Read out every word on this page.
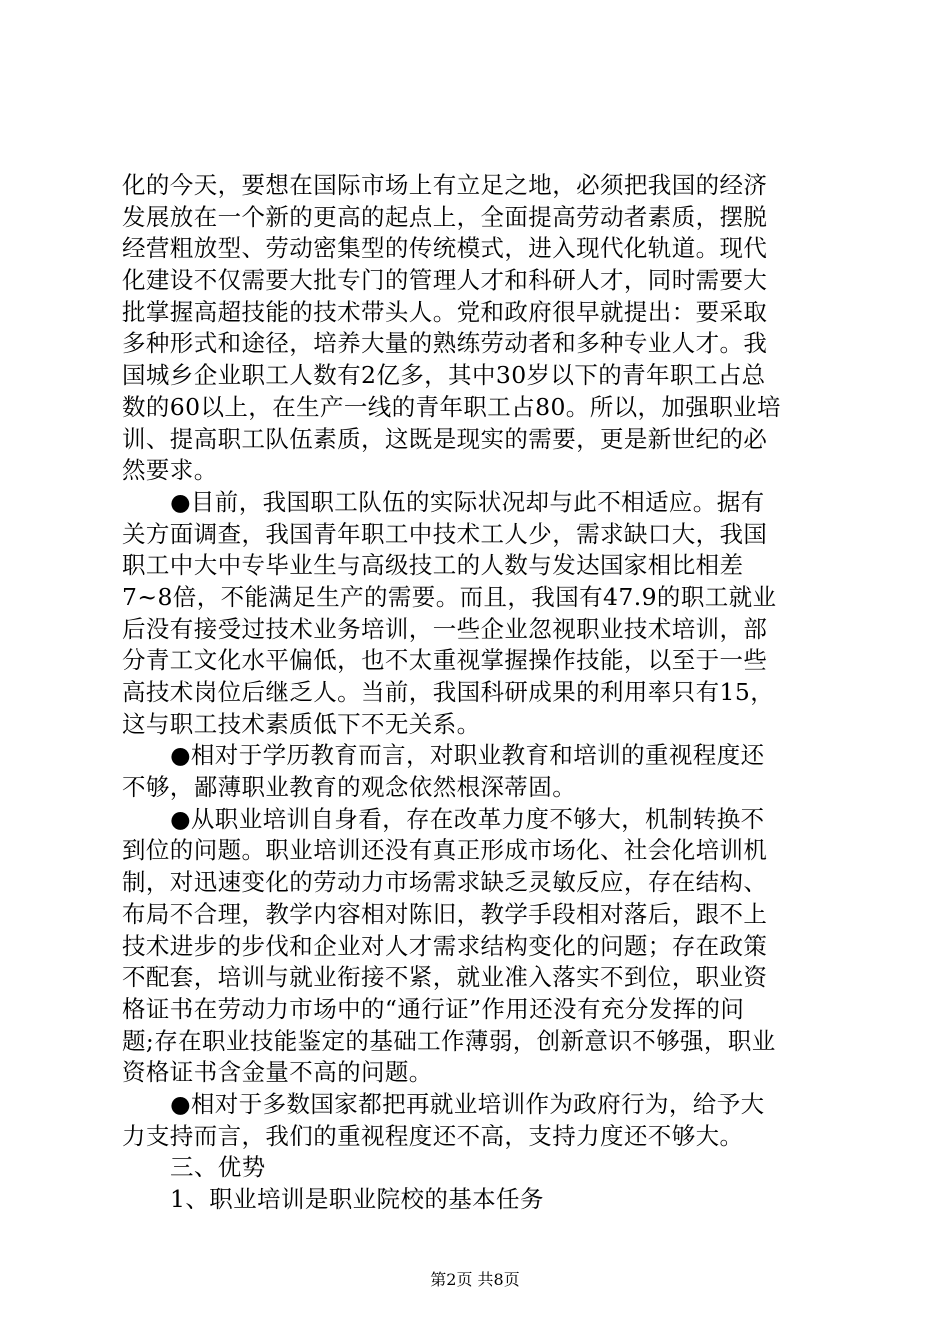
化的今天，要想在国际市场上有立足之地，必须把我国的经济
发展放在一个新的更高的起点上，全面提高劳动者素质，摆脱
经营粗放型、劳动密集型的传统模式，进入现代化轨道。现代
化建设不仅需要大批专门的管理人才和科研人才，同时需要大
批掌握高超技能的技术带头人。党和政府很早就提出：要采取
多种形式和途径，培养大量的熟练劳动者和多种专业人才。我
国城乡企业职工人数有2亿多，其中30岁以下的青年职工占总
数的60以上，在生产一线的青年职工占80。所以，加强职业培
训、提高职工队伍素质，这既是现实的需要，更是新世纪的必
然要求。
●目前，我国职工队伍的实际状况却与此不相适应。据有
关方面调查，我国青年职工中技术工人少，需求缺口大，我国
职工中大中专毕业生与高级技工的人数与发达国家相比相差
7~8倍，不能满足生产的需要。而且，我国有47.9的职工就业
后没有接受过技术业务培训，一些企业忽视职业技术培训，部
分青工文化水平偏低，也不太重视掌握操作技能，以至于一些
高技术岗位后继乏人。当前，我国科研成果的利用率只有15，
这与职工技术素质低下不无关系。
●相对于学历教育而言，对职业教育和培训的重视程度还
不够，鄙薄职业教育的观念依然根深蒂固。
●从职业培训自身看，存在改革力度不够大，机制转换不
到位的问题。职业培训还没有真正形成市场化、社会化培训机
制，对迅速变化的劳动力市场需求缺乏灵敏反应，存在结构、
布局不合理，教学内容相对陈旧，教学手段相对落后，跟不上
技术进步的步伐和企业对人才需求结构变化的问题；存在政策
不配套，培训与就业衔接不紧，就业准入落实不到位，职业资
格证书在劳动力市场中的“通行证”作用还没有充分发挥的问
题;存在职业技能鉴定的基础工作薄弱，创新意识不够强，职业
资格证书含金量不高的问题。
●相对于多数国家都把再就业培训作为政府行为，给予大
力支持而言，我们的重视程度还不高，支持力度还不够大。
三、优势
1、职业培训是职业院校的基本任务
第2页 共8页
